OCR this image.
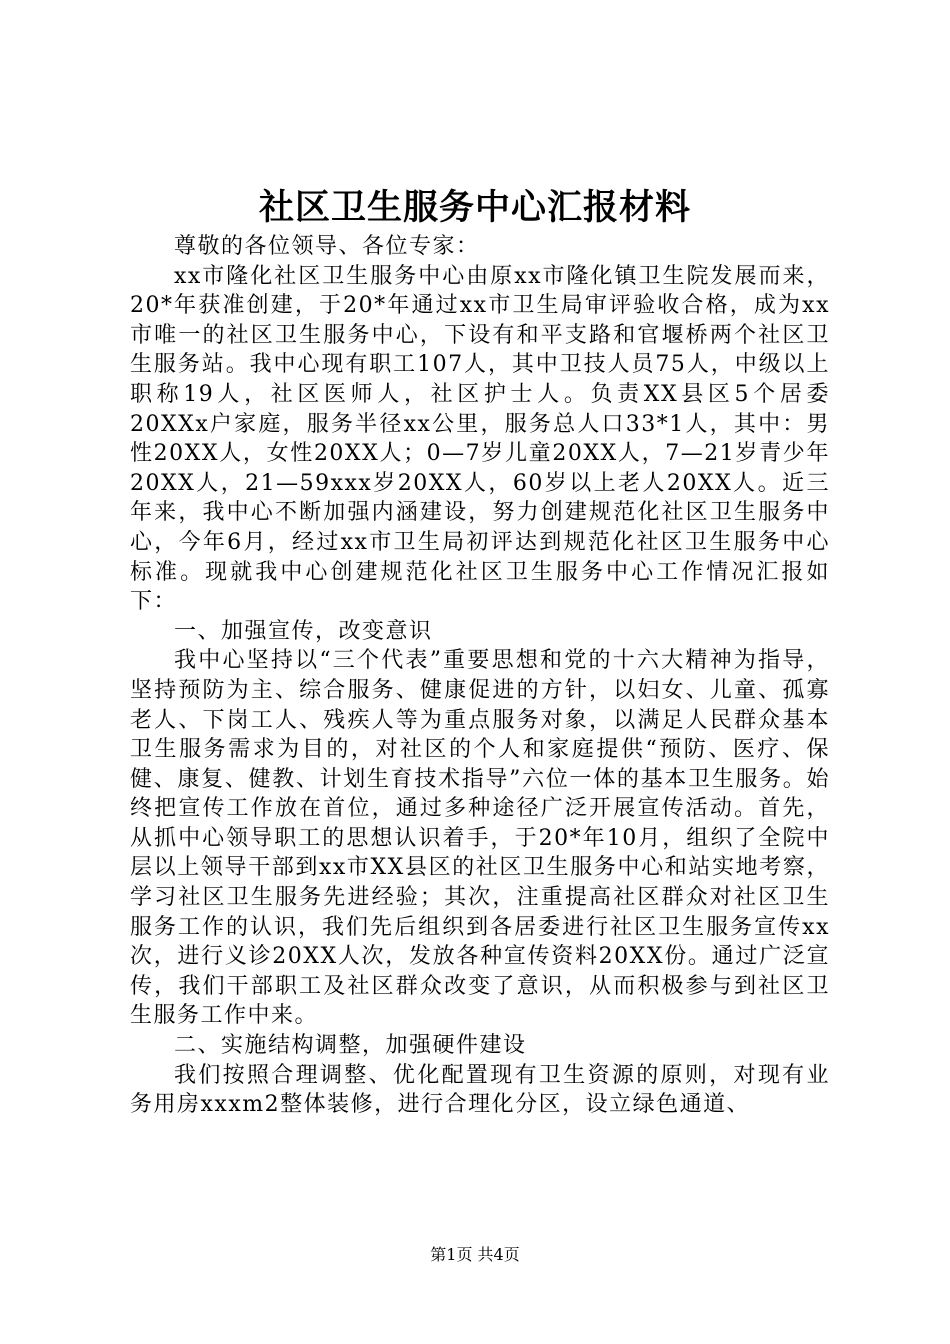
社区卫生服务中心汇报材料

尊敬的各位领导、各位专家：

xx市隆化社区卫生服务中心由原xx市隆化镇卫生院发展而来，20*年获准创建，于20*年通过xx市卫生局审评验收合格，成为xx市唯一的社区卫生服务中心，下设有和平支路和官堰桥两个社区卫生服务站。我中心现有职工107人，其中卫技人员75人，中级以上职称19人，社区医师人，社区护士人。负责XX县区5个居委20XXx户家庭，服务半径xx公里，服务总人口33*1人，其中：男性20XX人，女性20XX人；0—7岁儿童20XX人，7—21岁青少年20XX人，21—59xxx岁20XX人，60岁以上老人20XX人。近三年来，我中心不断加强内涵建设，努力创建规范化社区卫生服务中心，今年6月，经过xx市卫生局初评达到规范化社区卫生服务中心标准。现就我中心创建规范化社区卫生服务中心工作情况汇报如下：

一、加强宣传，改变意识

我中心坚持以“三个代表”重要思想和党的十六大精神为指导，坚持预防为主、综合服务、健康促进的方针，以妇女、儿童、孤寡老人、下岗工人、残疾人等为重点服务对象，以满足人民群众基本卫生服务需求为目的，对社区的个人和家庭提供“预防、医疗、保健、康复、健教、计划生育技术指导”六位一体的基本卫生服务。始终把宣传工作放在首位，通过多种途径广泛开展宣传活动。首先，从抓中心领导职工的思想认识着手，于20*年10月，组织了全院中层以上领导干部到xx市XX县区的社区卫生服务中心和站实地考察，学习社区卫生服务先进经验；其次，注重提高社区群众对社区卫生服务工作的认识，我们先后组织到各居委进行社区卫生服务宣传xx次，进行义诊20XX人次，发放各种宣传资料20XX份。通过广泛宣传，我们干部职工及社区群众改变了意识，从而积极参与到社区卫生服务工作中来。

二、实施结构调整，加强硬件建设

我们按照合理调整、优化配置现有卫生资源的原则，对现有业务用房xxxm2整体装修，进行合理化分区，设立绿色通道、

第1页 共4页
